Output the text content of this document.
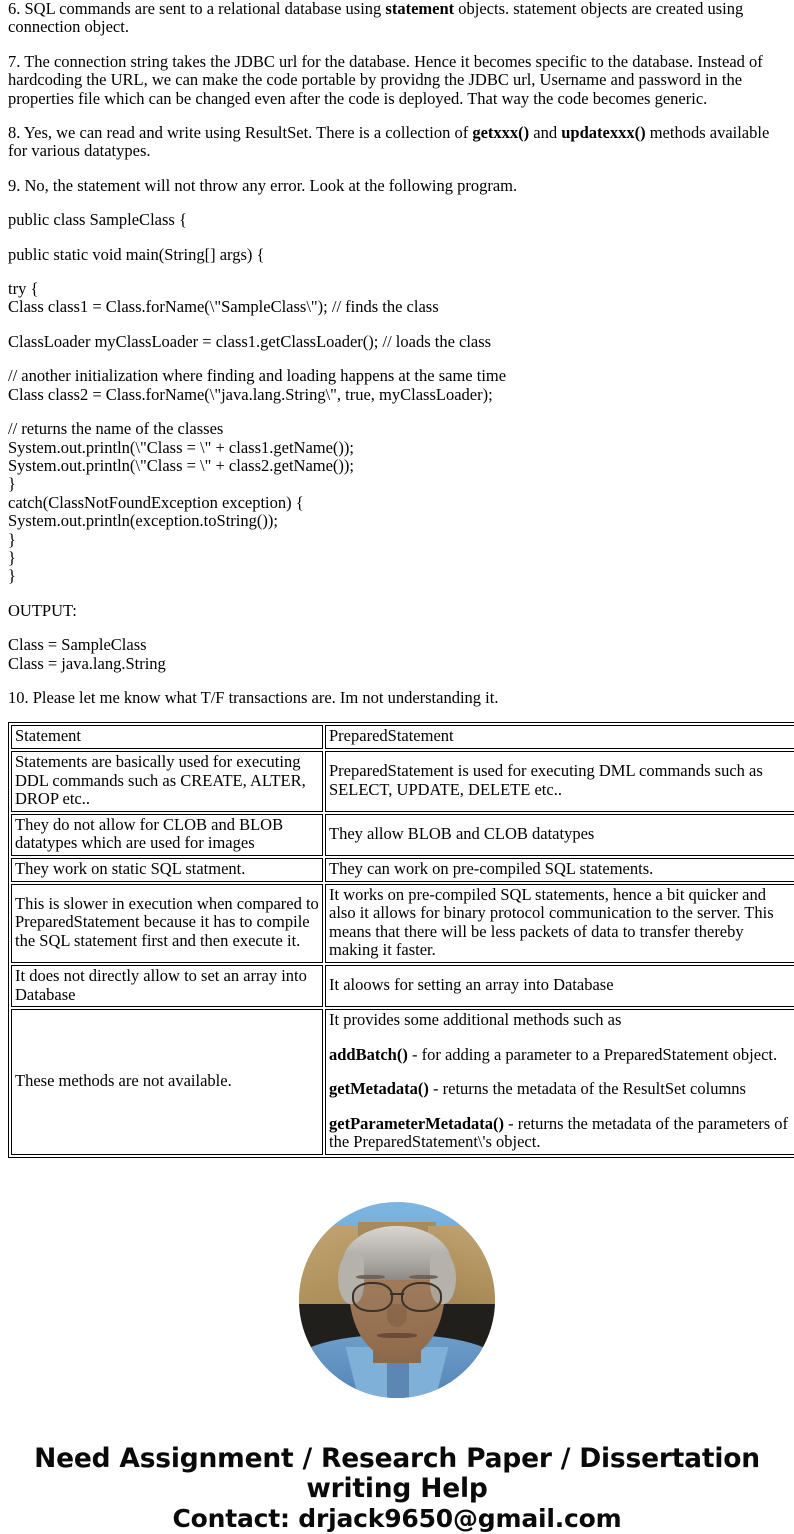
6. SQL commands are sent to a relational database using statement objects. statement objects are created using connection object.

7. The connection string takes the JDBC url for the database. Hence it becomes specific to the database. Instead of hardcoding the URL, we can make the code portable by providng the JDBC url, Username and password in the properties file which can be changed even after the code is deployed. That way the code becomes generic.

8. Yes, we can read and write using ResultSet. There is a collection of getxxx() and updatexxx() methods available for various datatypes.

9. No, the statement will not throw any error. Look at the following program.

public class SampleClass {
public static void main(String[] args) {
try {
Class class1 = Class.forName(\"SampleClass\"); // finds the class
ClassLoader myClassLoader = class1.getClassLoader(); // loads the class
// another initialization where finding and loading happens at the same time
Class class2 = Class.forName(\"java.lang.String\", true, myClassLoader);
// returns the name of the classes
System.out.println(\"Class = \" + class1.getName());
System.out.println(\"Class = \" + class2.getName());
}
catch(ClassNotFoundException exception) {
System.out.println(exception.toString());
}
}
}
OUTPUT:
Class = SampleClass
Class = java.lang.String

10. Please let me know what T/F transactions are. Im not understanding it.

Statement	PreparedStatement
Statements are basically used for executing DDL commands such as CREATE, ALTER, DROP etc..	PreparedStatement is used for executing DML commands such as SELECT, UPDATE, DELETE etc..
They do not allow for CLOB and BLOB datatypes which are used for images	They allow BLOB and CLOB datatypes
They work on static SQL statment.	They can work on pre-compiled SQL statements.
This is slower in execution when compared to PreparedStatement because it has to compile the SQL statement first and then execute it.	It works on pre-compiled SQL statements, hence a bit quicker and also it allows for binary protocol communication to the server. This means that there will be less packets of data to transfer thereby making it faster.
It does not directly allow to set an array into Database	It aloows for setting an array into Database
These methods are not available.	It provides some additional methods such as

addBatch() - for adding a parameter to a PreparedStatement object.

getMetadata() - returns the metadata of the ResultSet columns

getParameterMetadata() - returns the metadata of the parameters of the PreparedStatement\'s object.

Need Assignment / Research Paper / Dissertation
writing Help
Contact: drjack9650@gmail.com
